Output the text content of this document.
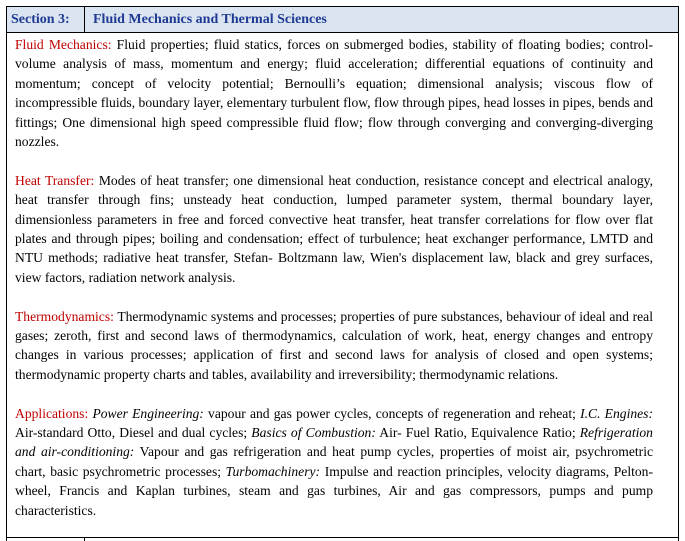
Section 3:	Fluid Mechanics and Thermal Sciences

Fluid Mechanics: Fluid properties; fluid statics, forces on submerged bodies, stability of floating bodies; control-volume analysis of mass, momentum and energy; fluid acceleration; differential equations of continuity and momentum; concept of velocity potential; Bernoulli’s equation; dimensional analysis; viscous flow of incompressible fluids, boundary layer, elementary turbulent flow, flow through pipes, head losses in pipes, bends and fittings; One dimensional high speed compressible fluid flow; flow through converging and converging-diverging nozzles.

Heat Transfer: Modes of heat transfer; one dimensional heat conduction, resistance concept and electrical analogy, heat transfer through fins; unsteady heat conduction, lumped parameter system, thermal boundary layer, dimensionless parameters in free and forced convective heat transfer, heat transfer correlations for flow over flat plates and through pipes; boiling and condensation; effect of turbulence; heat exchanger performance, LMTD and NTU methods; radiative heat transfer, Stefan- Boltzmann law, Wien's displacement law, black and grey surfaces, view factors, radiation network analysis.

Thermodynamics: Thermodynamic systems and processes; properties of pure substances, behaviour of ideal and real gases; zeroth, first and second laws of thermodynamics, calculation of work, heat, energy changes and entropy changes in various processes; application of first and second laws for analysis of closed and open systems; thermodynamic property charts and tables, availability and irreversibility; thermodynamic relations.

Applications: Power Engineering: vapour and gas power cycles, concepts of regeneration and reheat; I.C. Engines: Air-standard Otto, Diesel and dual cycles; Basics of Combustion: Air- Fuel Ratio, Equivalence Ratio; Refrigeration and air-conditioning: Vapour and gas refrigeration and heat pump cycles, properties of moist air, psychrometric chart, basic psychrometric processes; Turbomachinery: Impulse and reaction principles, velocity diagrams, Pelton-wheel, Francis and Kaplan turbines, steam and gas turbines, Air and gas compressors, pumps and pump characteristics.
